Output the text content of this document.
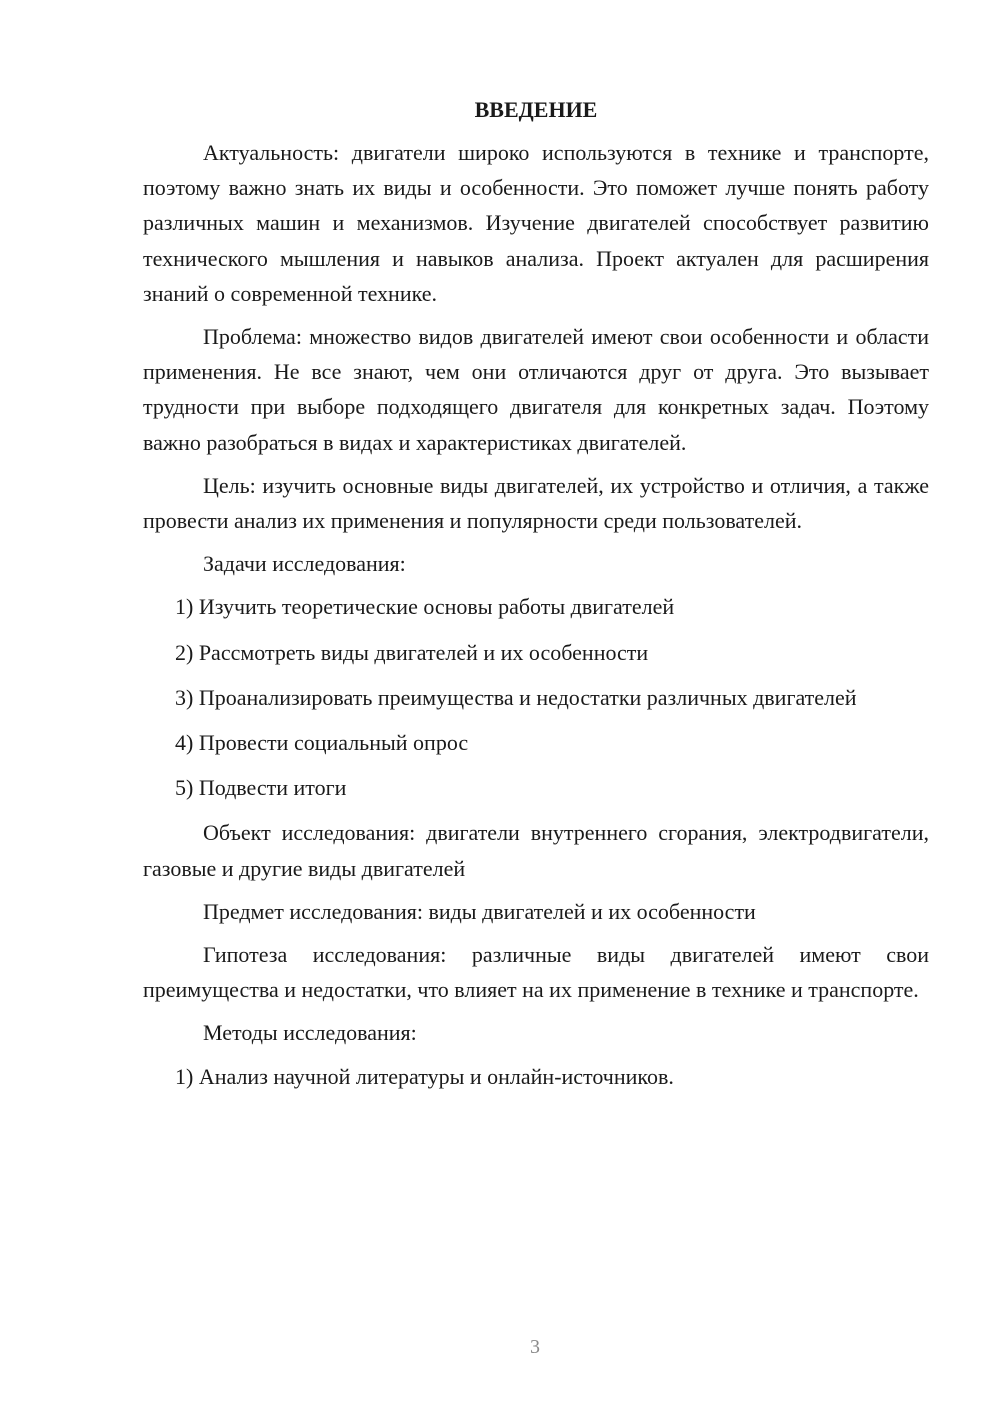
ВВЕДЕНИЕ

Актуальность: двигатели широко используются в технике и транспорте, поэтому важно знать их виды и особенности. Это поможет лучше понять работу различных машин и механизмов. Изучение двигателей способствует развитию технического мышления и навыков анализа. Проект актуален для расширения знаний о современной технике.

Проблема: множество видов двигателей имеют свои особенности и области применения. Не все знают, чем они отличаются друг от друга. Это вызывает трудности при выборе подходящего двигателя для конкретных задач. Поэтому важно разобраться в видах и характеристиках двигателей.

Цель: изучить основные виды двигателей, их устройство и отличия, а также провести анализ их применения и популярности среди пользователей.

Задачи исследования:

1) Изучить теоретические основы работы двигателей

2) Рассмотреть виды двигателей и их особенности

3) Проанализировать преимущества и недостатки различных двигателей

4) Провести социальный опрос

5) Подвести итоги

Объект исследования: двигатели внутреннего сгорания, электродвигатели, газовые и другие виды двигателей

Предмет исследования: виды двигателей и их особенности

Гипотеза исследования: различные виды двигателей имеют свои преимущества и недостатки, что влияет на их применение в технике и транспорте.

Методы исследования:

1) Анализ научной литературы и онлайн-источников.

3
